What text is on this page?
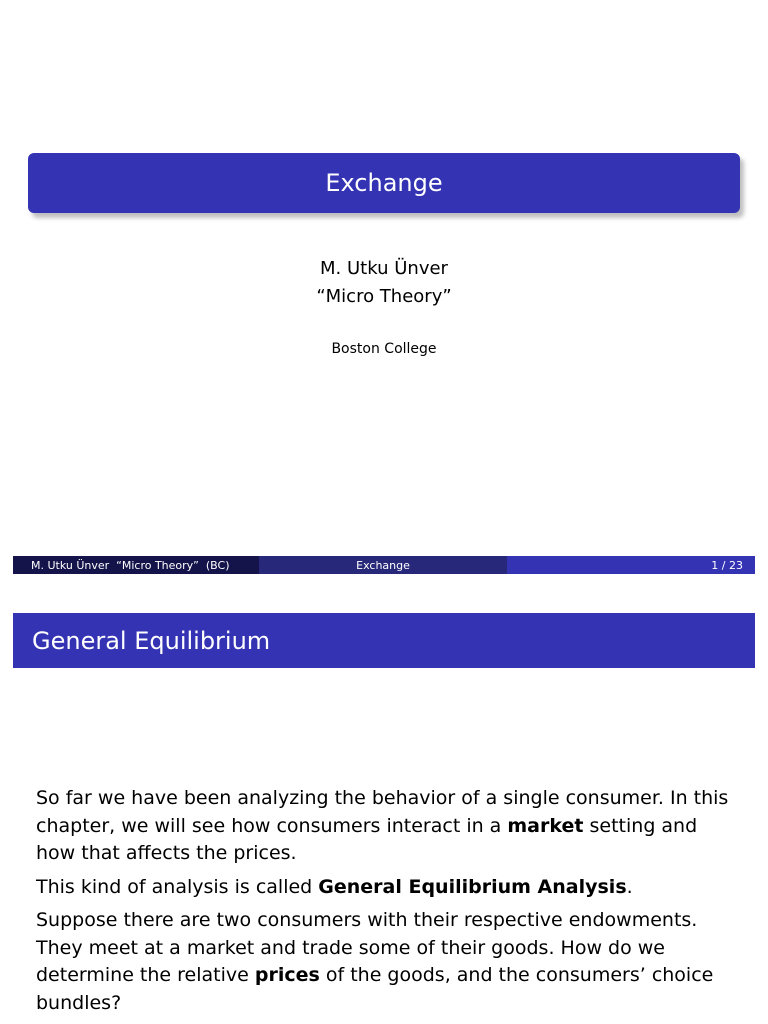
Exchange
M. Utku Ünver
“Micro Theory”
Boston College
M. Utku Ünver  “Micro Theory”  (BC)	Exchange	1 / 23
General Equilibrium

So far we have been analyzing the behavior of a single consumer. In this chapter, we will see how consumers interact in a market setting and how that affects the prices.

This kind of analysis is called General Equilibrium Analysis.

Suppose there are two consumers with their respective endowments. They meet at a market and trade some of their goods. How do we determine the relative prices of the goods, and the consumers’ choice bundles?
